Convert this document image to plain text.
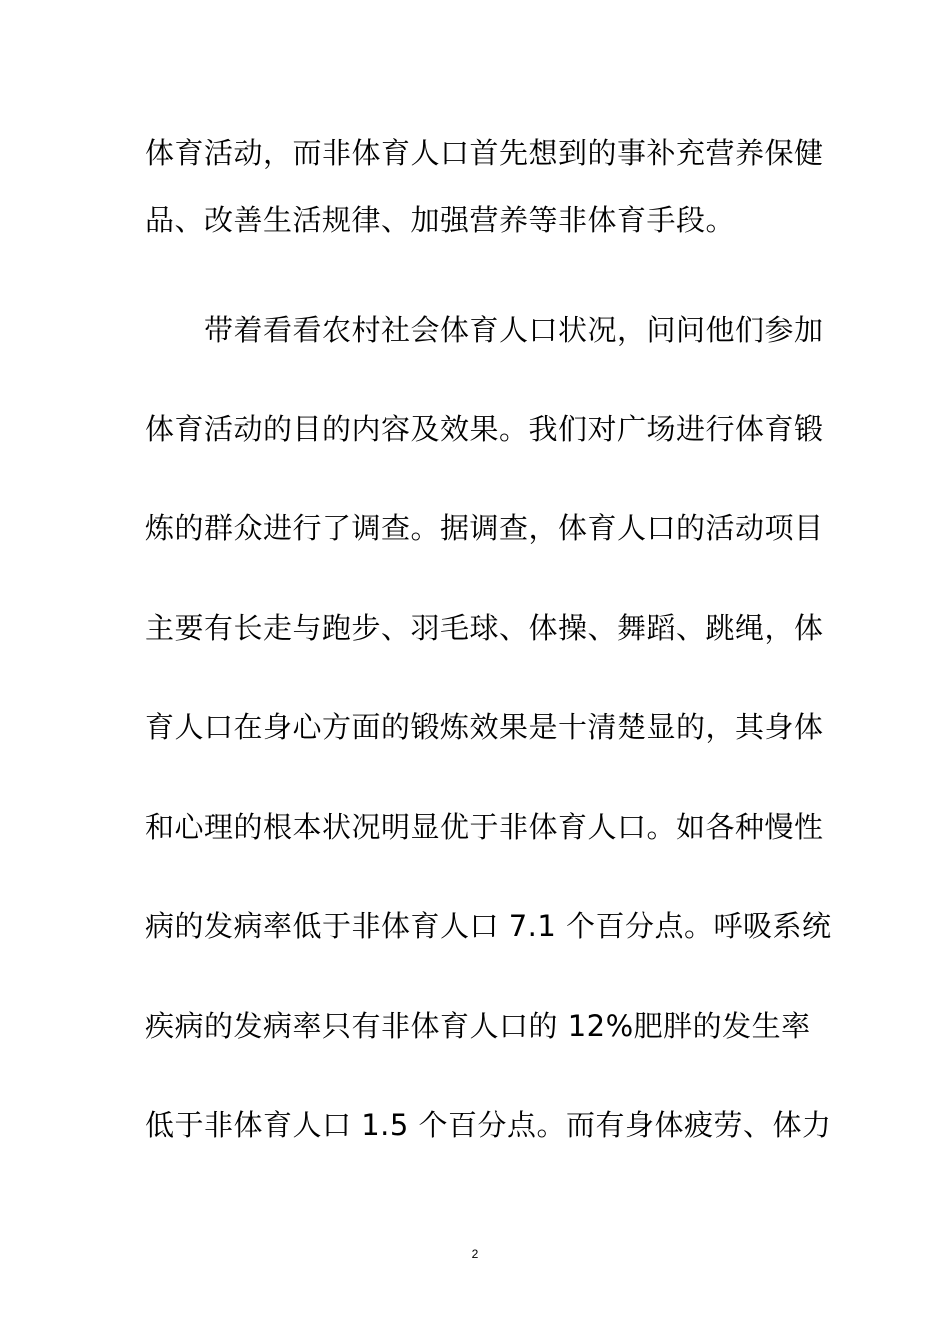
体育活动，而非体育人口首先想到的事补充营养保健
品、改善生活规律、加强营养等非体育手段。
　　带着看看农村社会体育人口状况，问问他们参加
体育活动的目的内容及效果。我们对广场进行体育锻
炼的群众进行了调查。据调查，体育人口的活动项目
主要有长走与跑步、羽毛球、体操、舞蹈、跳绳，体
育人口在身心方面的锻炼效果是十清楚显的，其身体
和心理的根本状况明显优于非体育人口。如各种慢性
病的发病率低于非体育人口 7.1 个百分点。呼吸系统
疾病的发病率只有非体育人口的 12%肥胖的发生率
低于非体育人口 1.5 个百分点。而有身体疲劳、体力
2
